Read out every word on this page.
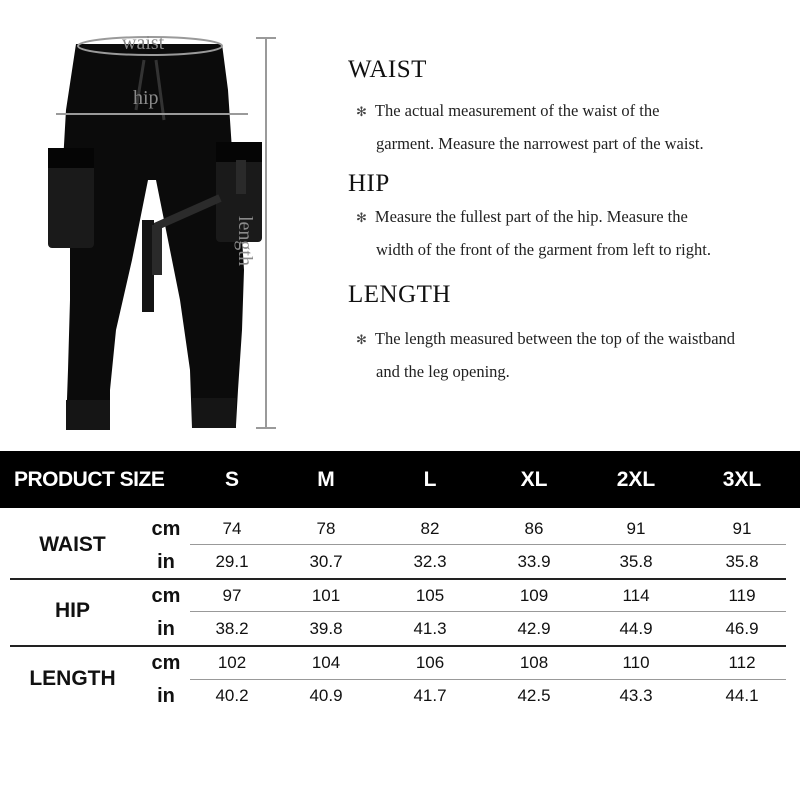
waist
hip
length
WAIST
✻ The actual measurement of the waist of the
garment. Measure the narrowest part of the waist.
HIP
✻ Measure the fullest part of the hip. Measure the
width of the front of the garment from left to right.
LENGTH
✻ The length measured between the top of the waistband
and the leg opening.
PRODUCT SIZE	S	M	L	XL	2XL	3XL
WAIST
cm	74	78	82	86	91	91
in	29.1	30.7	32.3	33.9	35.8	35.8
HIP
cm	97	101	105	109	114	119
in	38.2	39.8	41.3	42.9	44.9	46.9
LENGTH
cm	102	104	106	108	110	112
in	40.2	40.9	41.7	42.5	43.3	44.1
